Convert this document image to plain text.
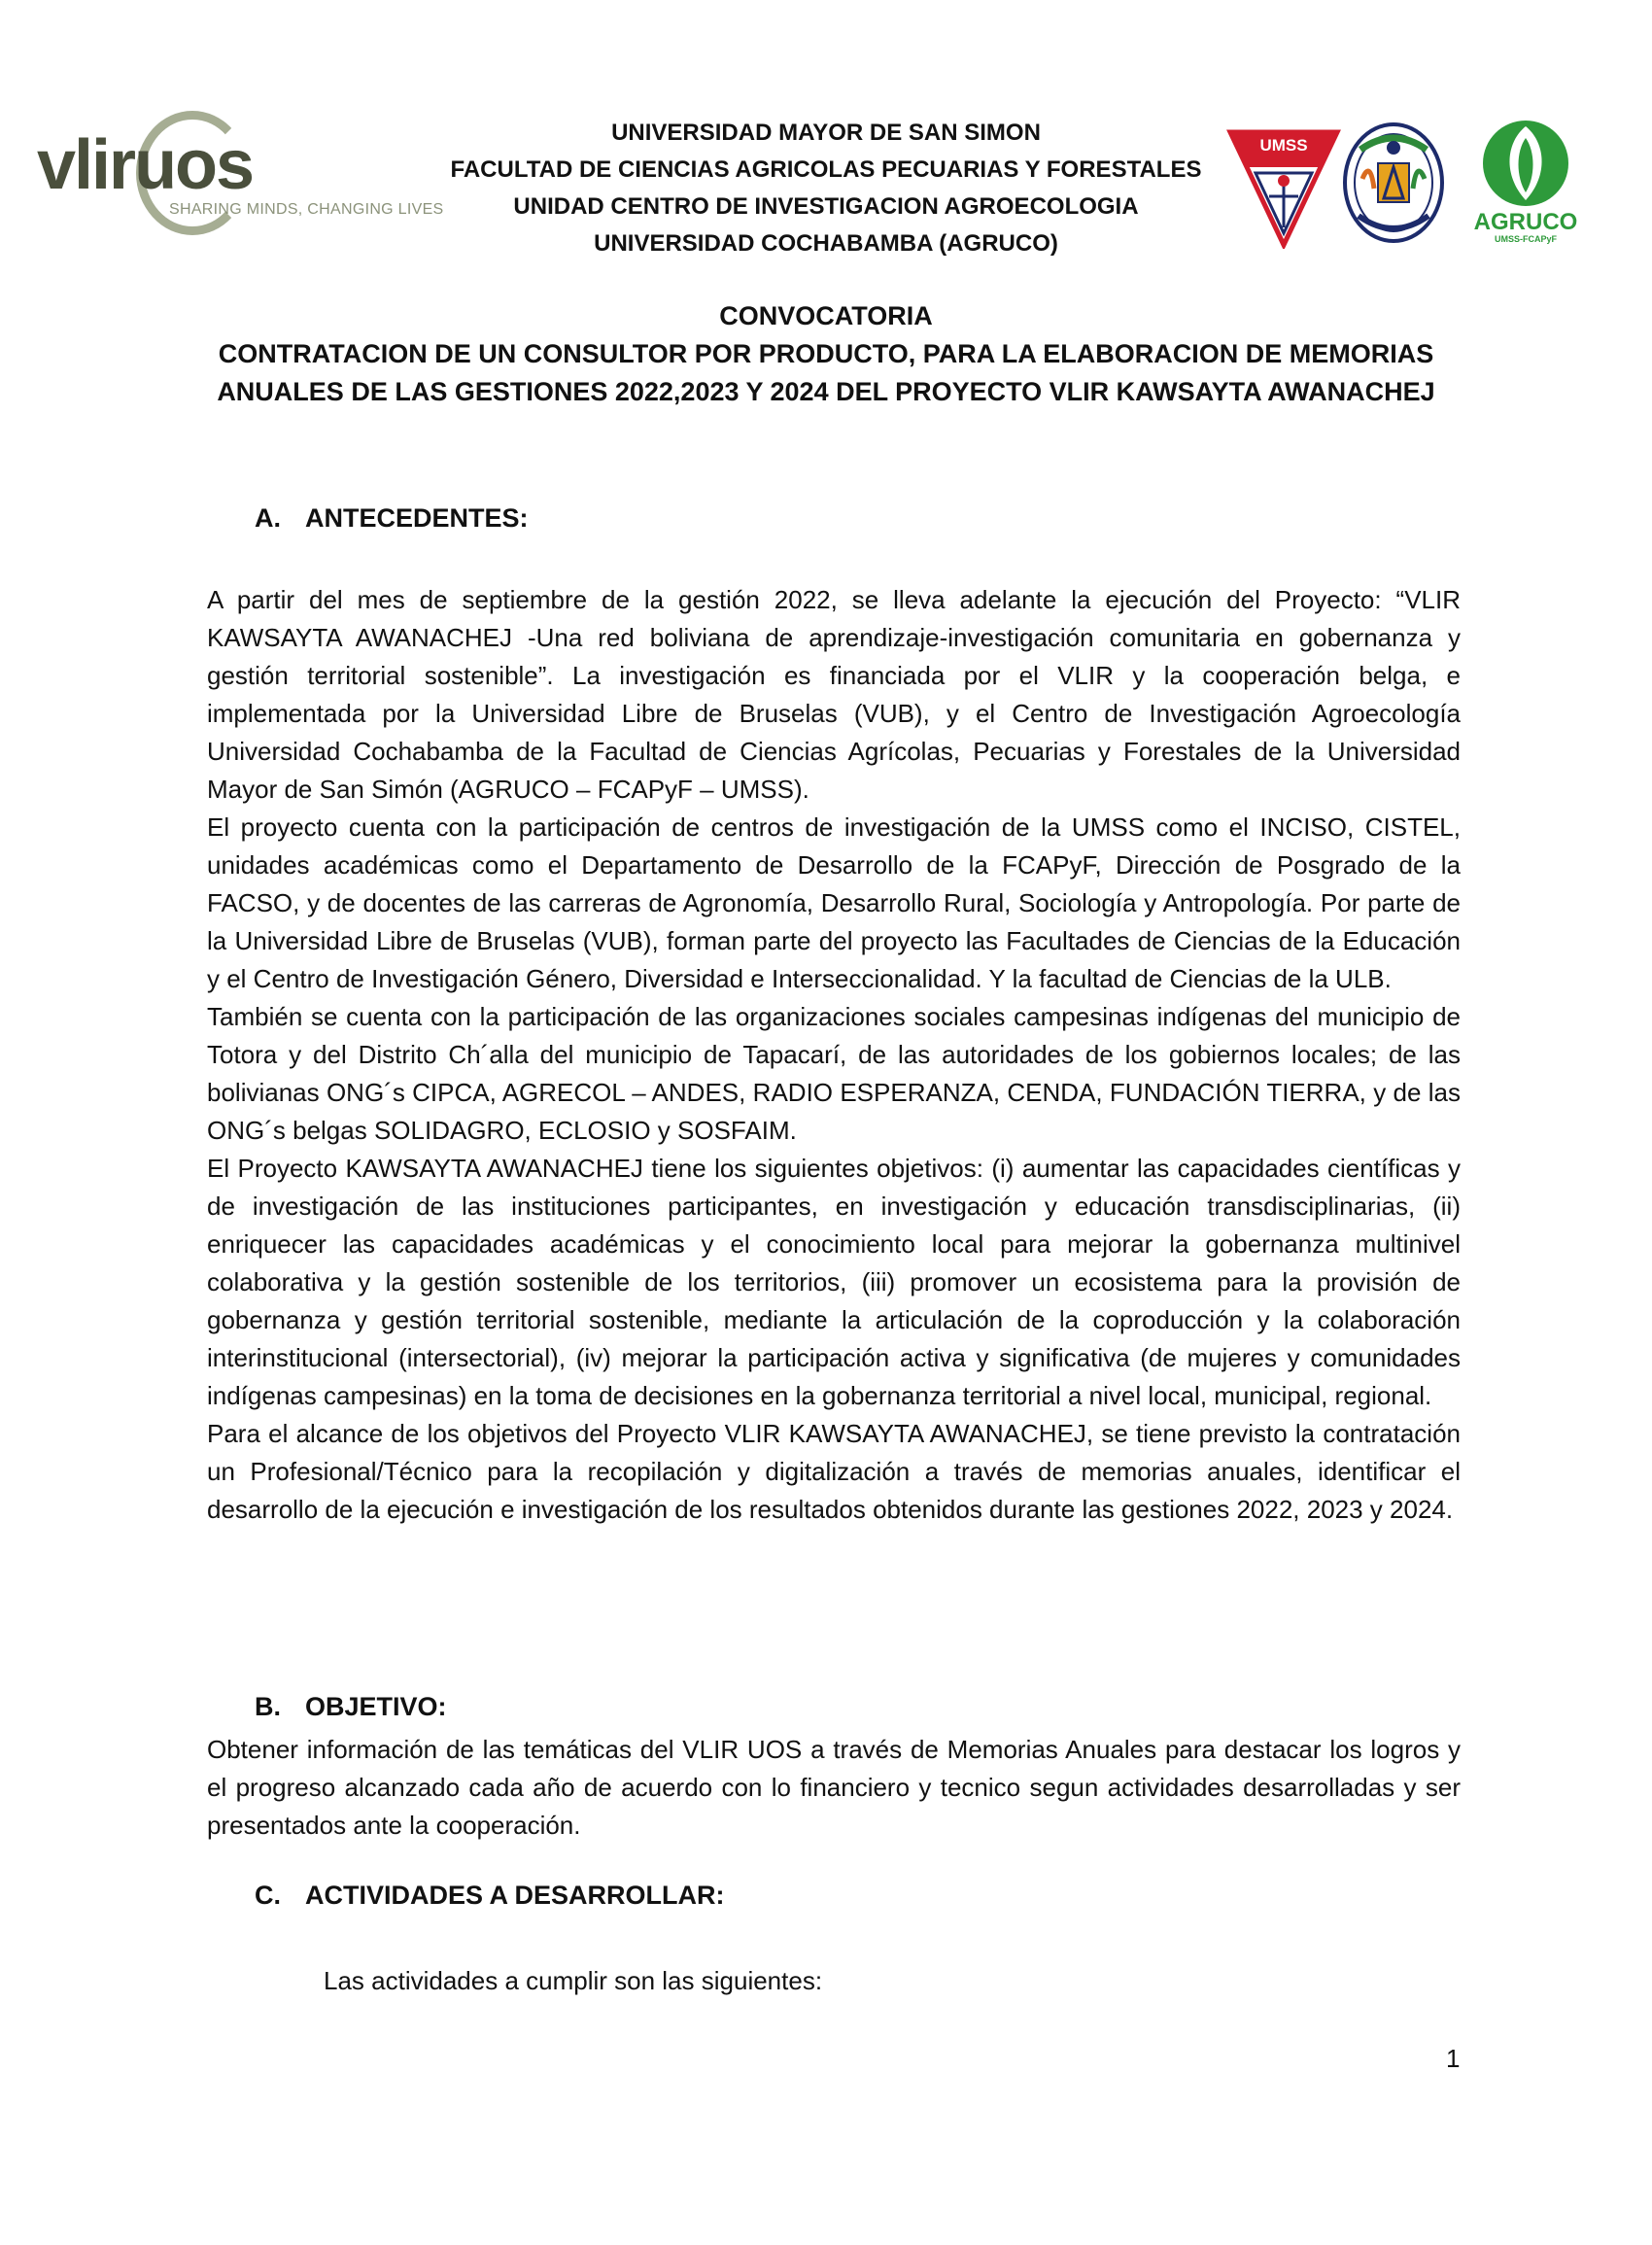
vliruos
SHARING MINDS, CHANGING LIVES
UNIVERSIDAD MAYOR DE SAN SIMON
FACULTAD DE CIENCIAS AGRICOLAS PECUARIAS Y FORESTALES
UNIDAD CENTRO DE INVESTIGACION AGROECOLOGIA
UNIVERSIDAD COCHABAMBA (AGRUCO)
UMSS
AGRUCO
UMSS-FCAPyF
CONVOCATORIA
CONTRATACION DE UN CONSULTOR POR PRODUCTO, PARA LA ELABORACION DE MEMORIAS ANUALES DE LAS GESTIONES 2022,2023 Y 2024 DEL PROYECTO VLIR KAWSAYTA AWANACHEJ
A. ANTECEDENTES:

A partir del mes de septiembre de la gestión 2022, se lleva adelante la ejecución del Proyecto: “VLIR KAWSAYTA AWANACHEJ -Una red boliviana de aprendizaje-investigación comunitaria en gobernanza y gestión territorial sostenible”. La investigación es financiada por el VLIR y la cooperación belga, e implementada por la Universidad Libre de Bruselas (VUB), y el Centro de Investigación Agroecología Universidad Cochabamba de la Facultad de Ciencias Agrícolas, Pecuarias y Forestales de la Universidad Mayor de San Simón (AGRUCO – FCAPyF – UMSS).

El proyecto cuenta con la participación de centros de investigación de la UMSS como el INCISO, CISTEL, unidades académicas como el Departamento de Desarrollo de la FCAPyF, Dirección de Posgrado de la FACSO, y de docentes de las carreras de Agronomía, Desarrollo Rural, Sociología y Antropología. Por parte de la Universidad Libre de Bruselas (VUB), forman parte del proyecto las Facultades de Ciencias de la Educación y el Centro de Investigación Género, Diversidad e Interseccionalidad. Y la facultad de Ciencias de la ULB.

También se cuenta con la participación de las organizaciones sociales campesinas indígenas del municipio de Totora y del Distrito Ch´alla del municipio de Tapacarí, de las autoridades de los gobiernos locales; de las bolivianas ONG´s CIPCA, AGRECOL – ANDES, RADIO ESPERANZA, CENDA, FUNDACIÓN TIERRA, y de las ONG´s belgas SOLIDAGRO, ECLOSIO y SOSFAIM.

El Proyecto KAWSAYTA AWANACHEJ tiene los siguientes objetivos: (i) aumentar las capacidades científicas y de investigación de las instituciones participantes, en investigación y educación transdisciplinarias, (ii) enriquecer las capacidades académicas y el conocimiento local para mejorar la gobernanza multinivel colaborativa y la gestión sostenible de los territorios, (iii) promover un ecosistema para la provisión de gobernanza y gestión territorial sostenible, mediante la articulación de la coproducción y la colaboración interinstitucional (intersectorial), (iv) mejorar la participación activa y significativa (de mujeres y comunidades indígenas campesinas) en la toma de decisiones en la gobernanza territorial a nivel local, municipal, regional.

Para el alcance de los objetivos del Proyecto VLIR KAWSAYTA AWANACHEJ, se tiene previsto la contratación un Profesional/Técnico para la recopilación y digitalización a través de memorias anuales, identificar el desarrollo de la ejecución e investigación de los resultados obtenidos durante las gestiones 2022, 2023 y 2024.

B. OBJETIVO:

Obtener información de las temáticas del VLIR UOS a través de Memorias Anuales para destacar los logros y el progreso alcanzado cada año de acuerdo con lo financiero y tecnico segun actividades desarrolladas y ser presentados ante la cooperación.

C. ACTIVIDADES A DESARROLLAR:
Las actividades a cumplir son las siguientes:
1
